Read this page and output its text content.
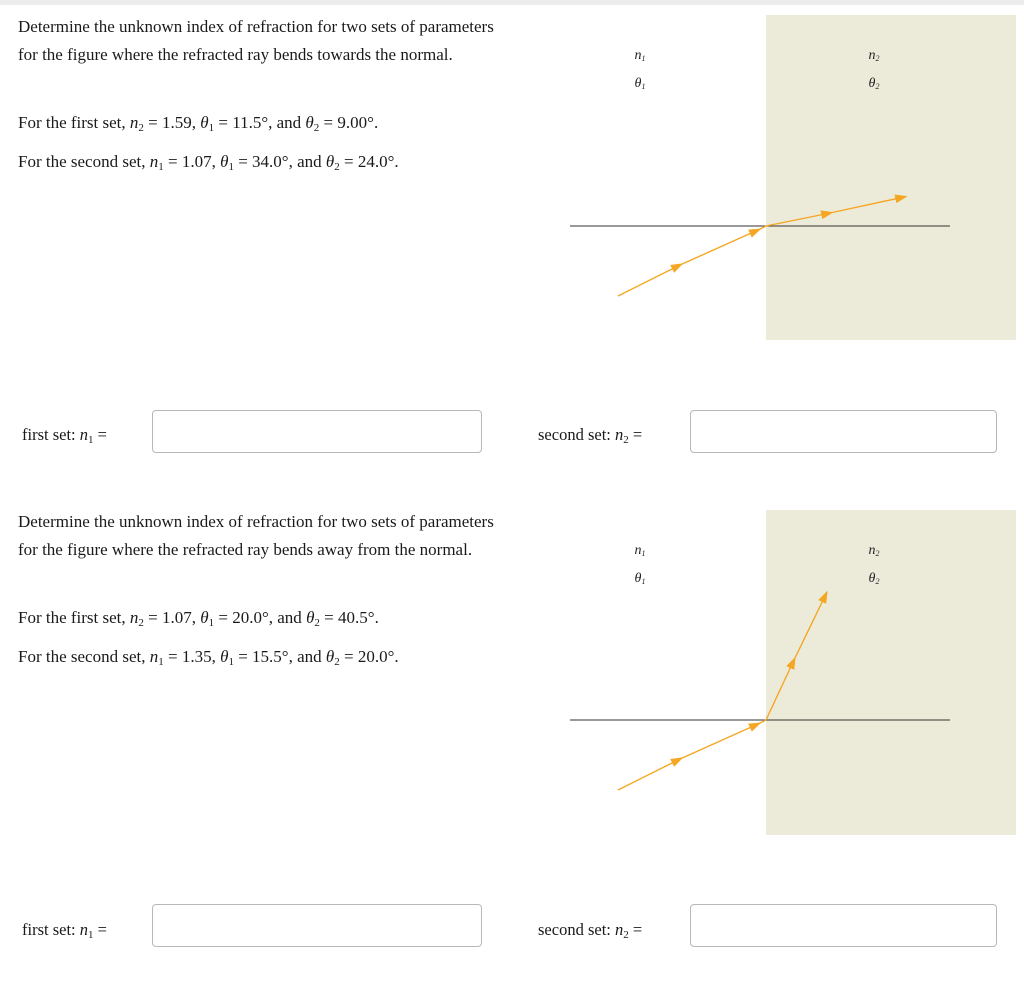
Determine the unknown index of refraction for two sets of parameters for the figure where the refracted ray bends towards the normal.

For the first set, $n_2 = 1.59$, $\theta_1 = 11.5^\circ$, and $\theta_2 = 9.00^\circ$.

For the second set, $n_1 = 1.07$, $\theta_1 = 34.0^\circ$, and $\theta_2 = 24.0^\circ$.

$n_1$
$\theta_1$
$n_2$
$\theta_2$
first set: $n_1$ =	second set: $n_2$ =

Determine the unknown index of refraction for two sets of parameters for the figure where the refracted ray bends away from the normal.

For the first set, $n_2 = 1.07$, $\theta_1 = 20.0^\circ$, and $\theta_2 = 40.5^\circ$.

For the second set, $n_1 = 1.35$, $\theta_1 = 15.5^\circ$, and $\theta_2 = 20.0^\circ$.

$n_1$
$\theta_1$
$n_2$
$\theta_2$
first set: $n_1$ =	second set: $n_2$ =
